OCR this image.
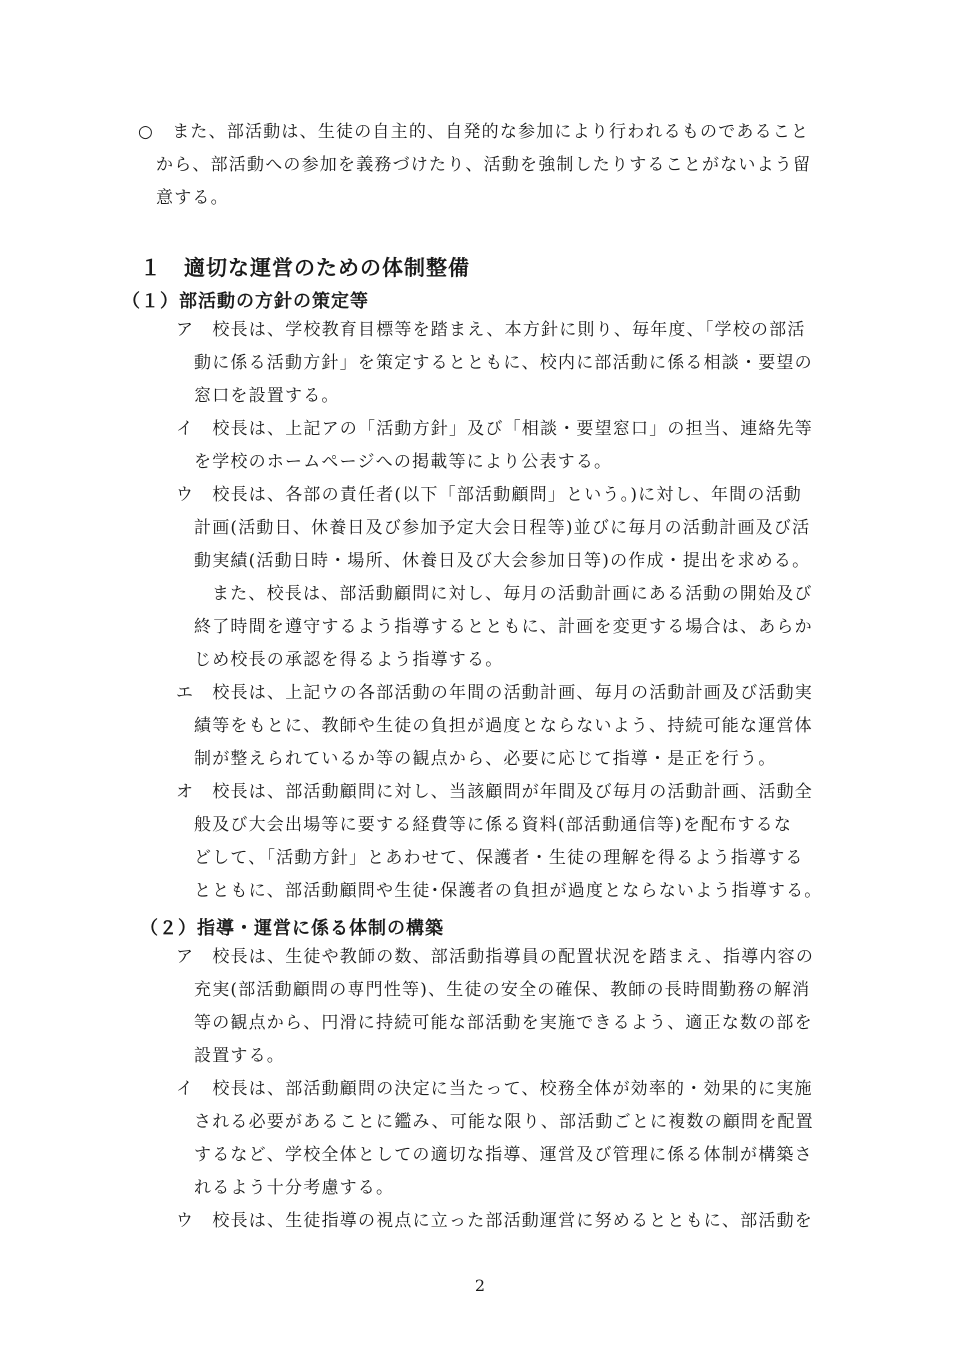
○　また、部活動は、生徒の自主的、自発的な参加により行われるものであること
から、部活動への参加を義務づけたり、活動を強制したりすることがないよう留
意する。
１　適切な運営のための体制整備
（１）部活動の方針の策定等
ア　校長は、学校教育目標等を踏まえ、本方針に則り、毎年度、「学校の部活
動に係る活動方針」を策定するとともに、校内に部活動に係る相談・要望の
窓口を設置する。
イ　校長は、上記アの「活動方針」及び「相談・要望窓口」の担当、連絡先等
を学校のホームページへの掲載等により公表する。
ウ　校長は、各部の責任者(以下「部活動顧問」という。)に対し、年間の活動
計画(活動日、休養日及び参加予定大会日程等)並びに毎月の活動計画及び活
動実績(活動日時・場所、休養日及び大会参加日等)の作成・提出を求める。
また、校長は、部活動顧問に対し、毎月の活動計画にある活動の開始及び
終了時間を遵守するよう指導するとともに、計画を変更する場合は、あらか
じめ校長の承認を得るよう指導する。
エ　校長は、上記ウの各部活動の年間の活動計画、毎月の活動計画及び活動実
績等をもとに、教師や生徒の負担が過度とならないよう、持続可能な運営体
制が整えられているか等の観点から、必要に応じて指導・是正を行う。
オ　校長は、部活動顧問に対し、当該顧問が年間及び毎月の活動計画、活動全
般及び大会出場等に要する経費等に係る資料(部活動通信等)を配布するな
どして、「活動方針」とあわせて、保護者・生徒の理解を得るよう指導する
とともに、部活動顧問や生徒･保護者の負担が過度とならないよう指導する。
（２）指導・運営に係る体制の構築
ア　校長は、生徒や教師の数、部活動指導員の配置状況を踏まえ、指導内容の
充実(部活動顧問の専門性等)、生徒の安全の確保、教師の長時間勤務の解消
等の観点から、円滑に持続可能な部活動を実施できるよう、適正な数の部を
設置する。
イ　校長は、部活動顧問の決定に当たって、校務全体が効率的・効果的に実施
される必要があることに鑑み、可能な限り、部活動ごとに複数の顧問を配置
するなど、学校全体としての適切な指導、運営及び管理に係る体制が構築さ
れるよう十分考慮する。
ウ　校長は、生徒指導の視点に立った部活動運営に努めるとともに、部活動を
2
